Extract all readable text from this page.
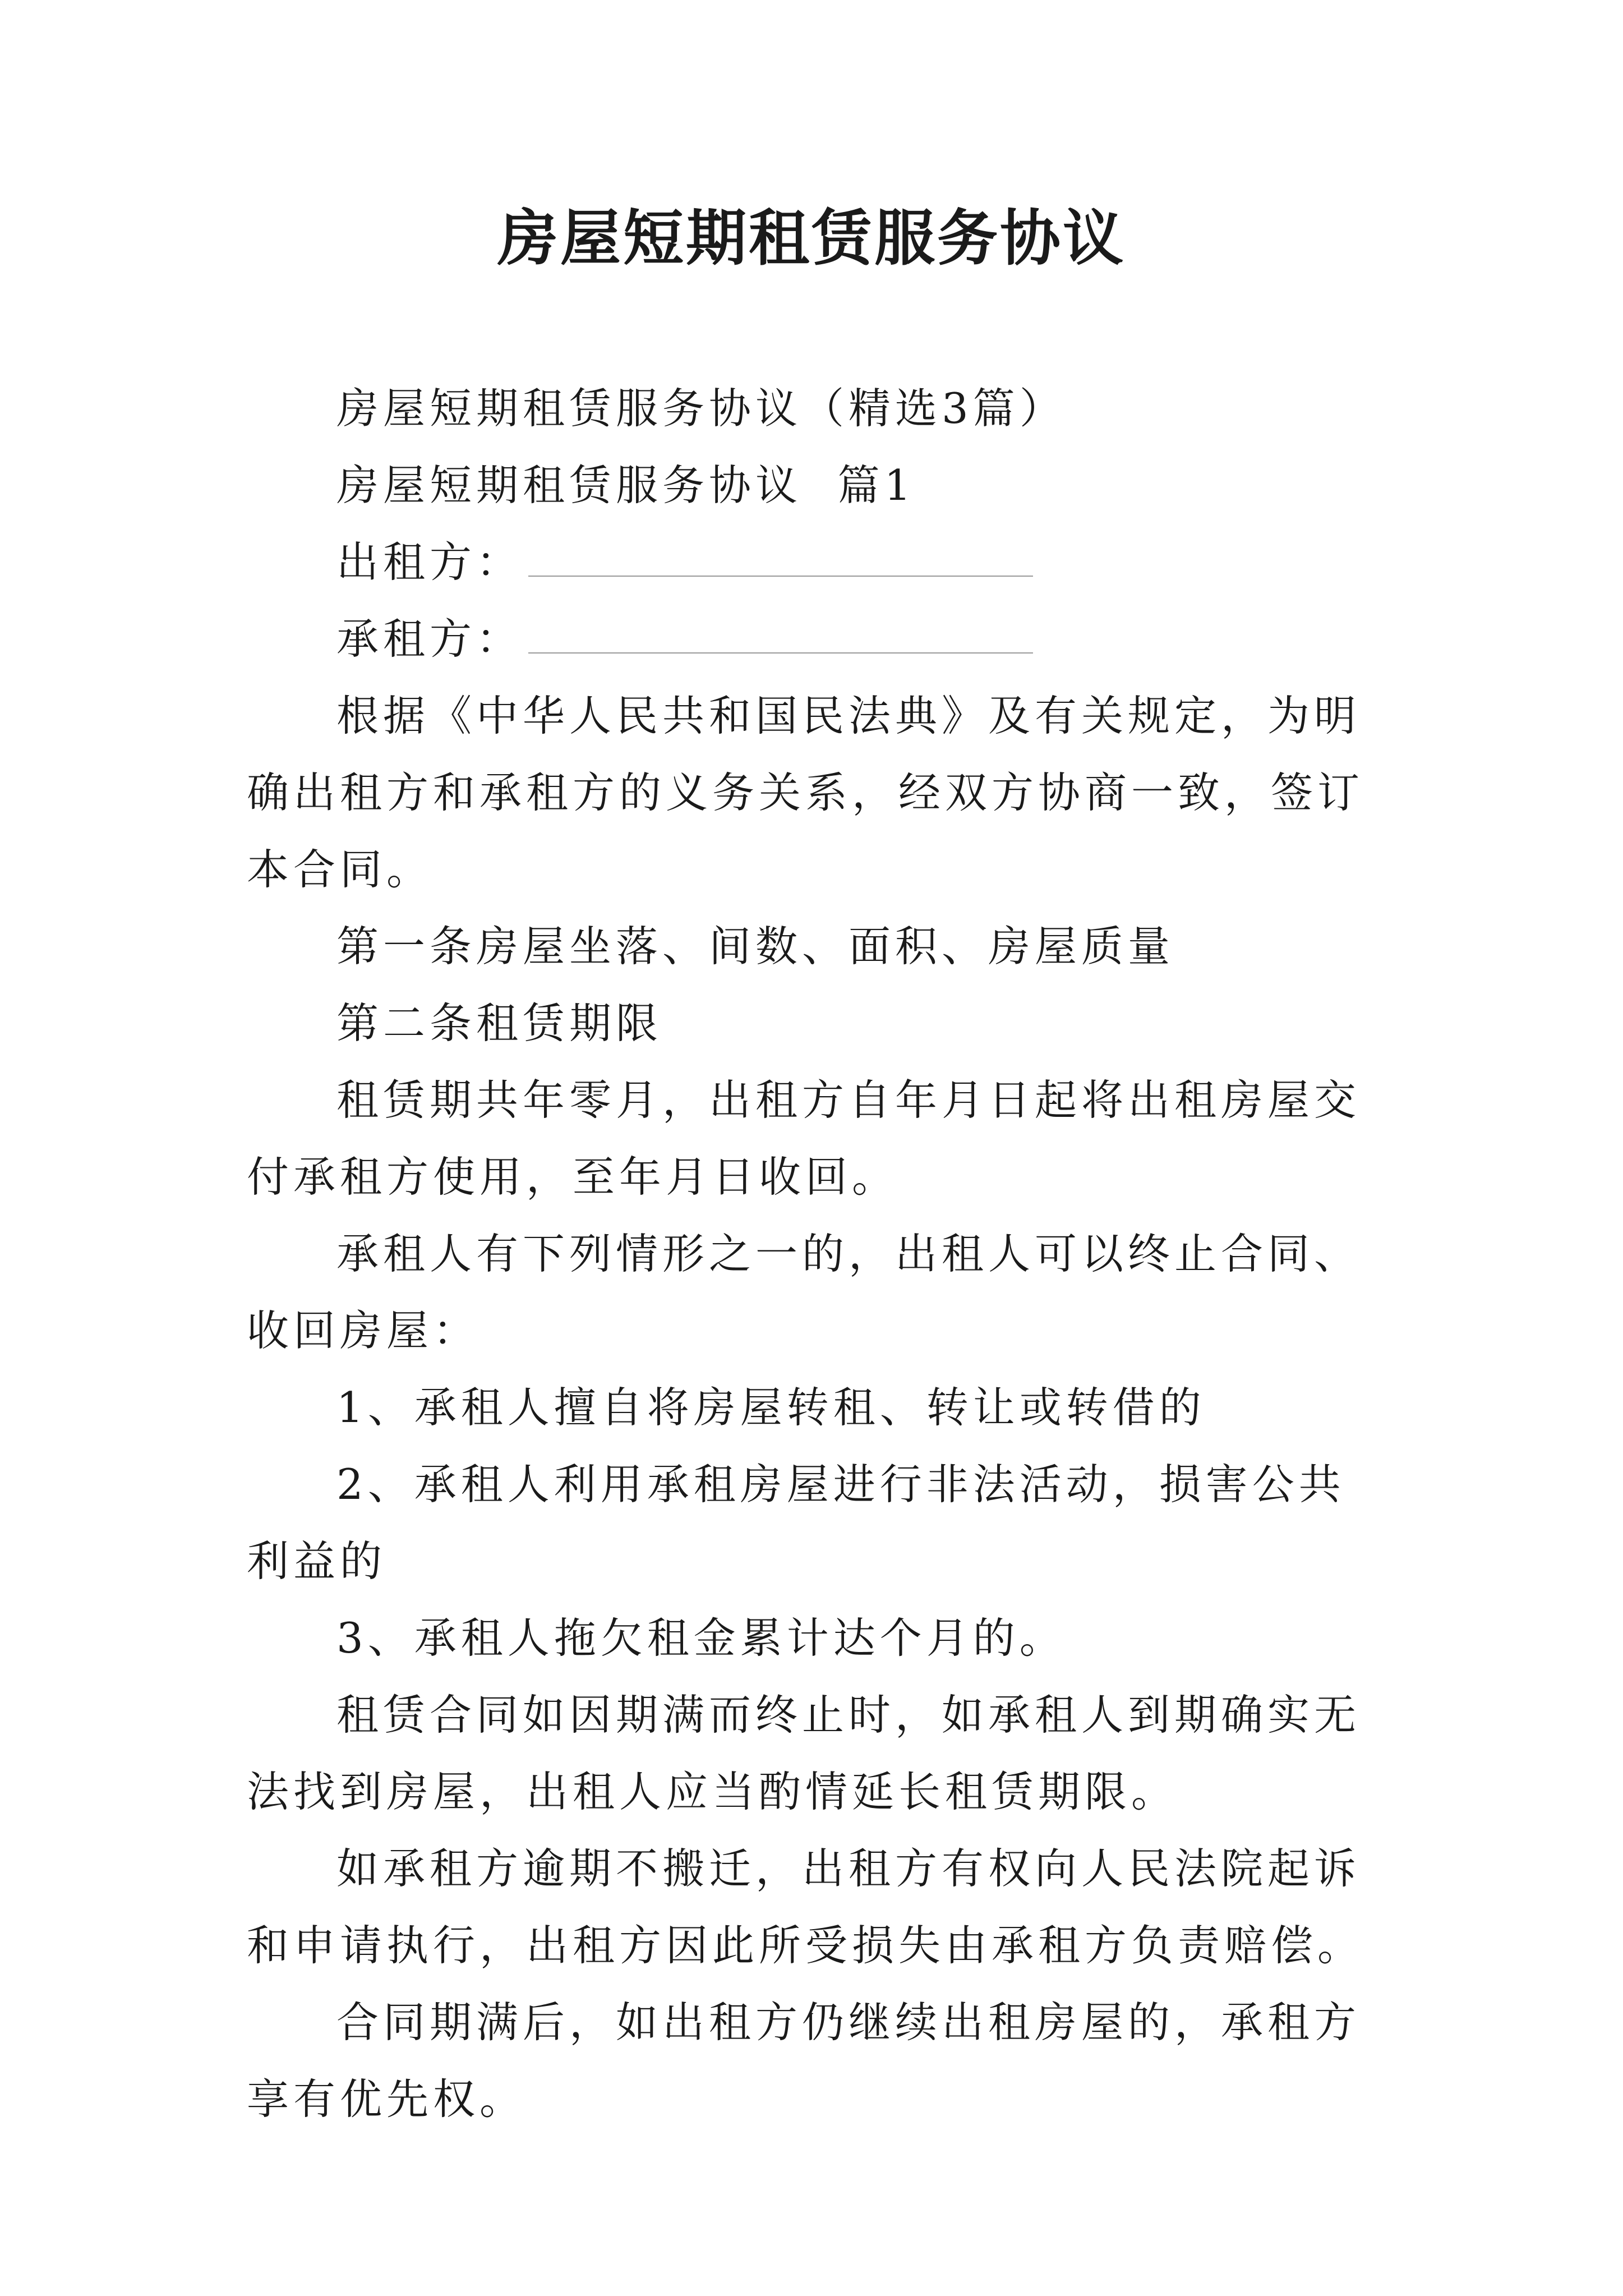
房屋短期租赁服务协议

房屋短期租赁服务协议（精选3篇）

房屋短期租赁服务协议  篇1

出租方：

承租方：

根据《中华人民共和国民法典》及有关规定，为明确出租方和承租方的义务关系，经双方协商一致，签订本合同。

第一条房屋坐落、间数、面积、房屋质量

第二条租赁期限

租赁期共年零月，出租方自年月日起将出租房屋交付承租方使用，至年月日收回。

承租人有下列情形之一的，出租人可以终止合同、收回房屋：

1、承租人擅自将房屋转租、转让或转借的

2、承租人利用承租房屋进行非法活动，损害公共利益的

3、承租人拖欠租金累计达个月的。

租赁合同如因期满而终止时，如承租人到期确实无法找到房屋，出租人应当酌情延长租赁期限。

如承租方逾期不搬迁，出租方有权向人民法院起诉和申请执行，出租方因此所受损失由承租方负责赔偿。

合同期满后，如出租方仍继续出租房屋的，承租方享有优先权。
